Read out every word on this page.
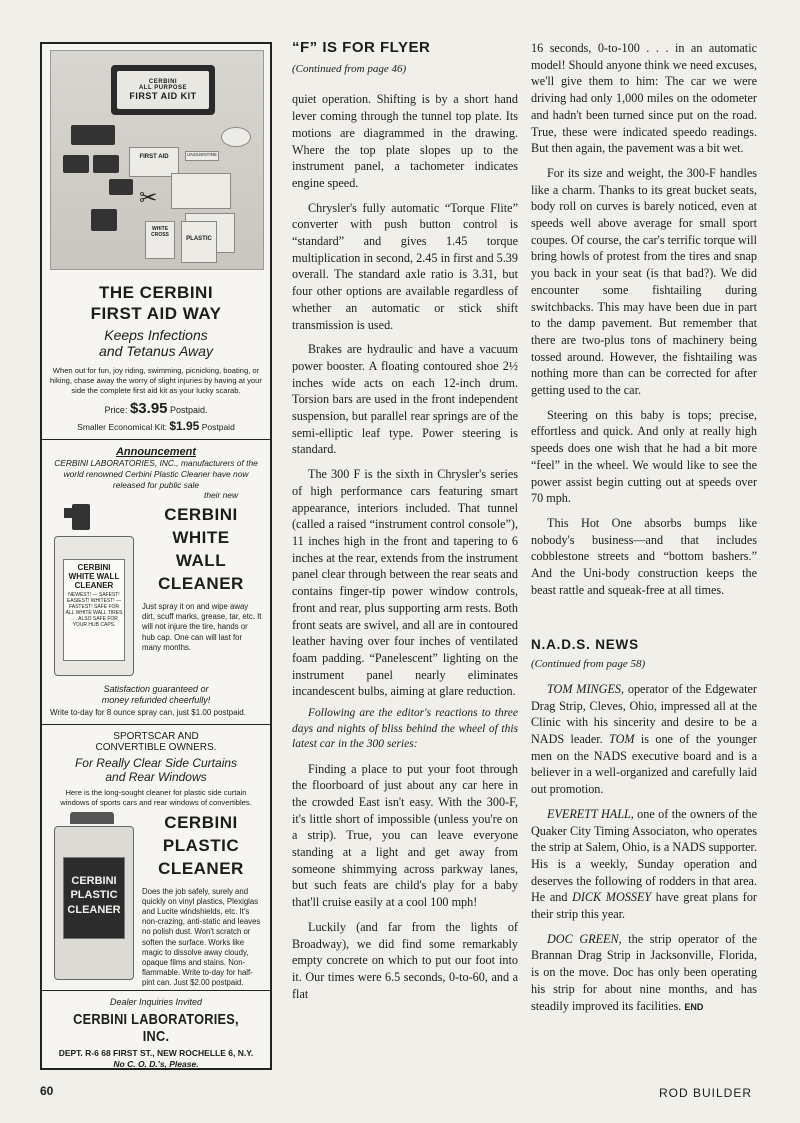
CERBINI
ALL PURPOSE
FIRST AID KIT
FIRST AID	UNGUENTINE
WHITE CROSS
PLASTIC
✂
THE CERBINI
FIRST AID WAY
Keeps Infections
and Tetanus Away
When out for fun, joy riding, swimming, picnicking, boating, or hiking, chase away the worry of slight injuries by having at your side the complete first aid kit as your lucky scarab.
Price: $3.95 Postpaid.
Smaller Economical Kit: $1.95 Postpaid
Announcement
CERBINI LABORATORIES, INC., manufacturers of the world renowned Cerbini Plastic Cleaner have now released for public sale
their new
CERBINI
WHITE WALL
CLEANER
NEWEST! — SAFEST! EASIEST! WHITEST! — FASTEST! SAFE FOR ALL WHITE WALL TIRES . . . ALSO SAFE FOR YOUR HUB CAPS.
CERBINI
WHITE
WALL
CLEANER
Just spray it on and wipe away dirt, scuff marks, grease, tar, etc. It will not injure the tire, hands or hub cap. One can will last for many months.
Satisfaction guaranteed or
money refunded cheerfully!
Write to-day for 8 ounce spray can, just $1.00 postpaid.
SPORTSCAR AND
CONVERTIBLE OWNERS.
For Really Clear Side Curtains
and Rear Windows
Here is the long-sought cleaner for plastic side curtain windows of sports cars and rear windows of convertibles.
CERBINI
PLASTIC
CLEANER
CERBINI
PLASTIC
CLEANER
Does the job safely, surely and quickly on vinyl plastics, Plexiglas and Lucite windshields, etc. It's non-crazing, anti-static and leaves no polish dust. Won't scratch or soften the surface. Works like magic to dissolve away cloudy, opaque films and stains. Non-flammable. Write to-day for half-pint can. Just $2.00 postpaid.
Dealer Inquiries Invited
CERBINI LABORATORIES, INC.
DEPT. R-6 68 FIRST ST., NEW ROCHELLE 6, N.Y.
No C. O. D.'s, Please.
“F” IS FOR FLYER
(Continued from page 46)

quiet operation. Shifting is by a short hand lever coming through the tunnel top plate. Its motions are diagrammed in the drawing. Where the top plate slopes up to the instrument panel, a tachometer indicates engine speed.

Chrysler's fully automatic “Torque Flite” converter with push button control is “standard” and gives 1.45 torque multiplication in second, 2.45 in first and 5.39 overall. The standard axle ratio is 3.31, but four other options are available regardless of whether an automatic or stick shift transmission is used.

Brakes are hydraulic and have a vacuum power booster. A floating contoured shoe 2½ inches wide acts on each 12-inch drum. Torsion bars are used in the front independent suspension, but parallel rear springs are of the semi-elliptic leaf type. Power steering is standard.

The 300 F is the sixth in Chrysler's series of high performance cars featuring smart appearance, interiors included. That tunnel (called a raised “instrument control console”), 11 inches high in the front and tapering to 6 inches at the rear, extends from the instrument panel clear through between the rear seats and contains finger-tip power window controls, front and rear, plus supporting arm rests. Both front seats are swivel, and all are in contoured leather having over four inches of ventilated foam padding. “Panelescent” lighting on the instrument panel nearly eliminates incandescent bulbs, aiming at glare reduction.

Following are the editor's reactions to three days and nights of bliss behind the wheel of this latest car in the 300 series:

Finding a place to put your foot through the floorboard of just about any car here in the crowded East isn't easy. With the 300-F, it's little short of impossible (unless you're on a strip). True, you can leave everyone standing at a light and get away from someone shimmying across parkway lanes, but such feats are child's play for a baby that'll cruise easily at a cool 100 mph!

Luckily (and far from the lights of Broadway), we did find some remarkably empty concrete on which to put our foot into it. Our times were 6.5 seconds, 0-to-60, and a flat

16 seconds, 0-to-100 . . . in an automatic model! Should anyone think we need excuses, we'll give them to him: The car we were driving had only 1,000 miles on the odometer and hadn't been turned since put on the road. True, these were indicated speedo readings. But then again, the pavement was a bit wet.

For its size and weight, the 300-F handles like a charm. Thanks to its great bucket seats, body roll on curves is barely noticed, even at speeds well above average for small sport coupes. Of course, the car's terrific torque will bring howls of protest from the tires and snap you back in your seat (is that bad?). We did encounter some fishtailing during switchbacks. This may have been due in part to the damp pavement. But remember that there are two-plus tons of machinery being tossed around. However, the fishtailing was nothing more than can be corrected for after getting used to the car.

Steering on this baby is tops; precise, effortless and quick. And only at really high speeds does one wish that he had a bit more “feel” in the wheel. We would like to see the power assist begin cutting out at speeds over 70 mph.

This Hot One absorbs bumps like nobody's business—and that includes cobblestone streets and “bottom bashers.” And the Uni-body construction keeps the beast rattle and squeak-free at all times.

N.A.D.S. NEWS
(Continued from page 58)

TOM MINGES, operator of the Edgewater Drag Strip, Cleves, Ohio, impressed all at the Clinic with his sincerity and desire to be a NADS leader. TOM is one of the younger men on the NADS executive board and is a believer in a well-organized and carefully laid out promotion.

EVERETT HALL, one of the owners of the Quaker City Timing Associaton, who operates the strip at Salem, Ohio, is a NADS supporter. His is a weekly, Sunday operation and deserves the following of rodders in that area. He and DICK MOSSEY have great plans for their strip this year.

DOC GREEN, the strip operator of the Brannan Drag Strip in Jacksonville, Florida, is on the move. Doc has only been operating his strip for about nine months, and has steadily improved its facilities. END

60	ROD BUILDER
